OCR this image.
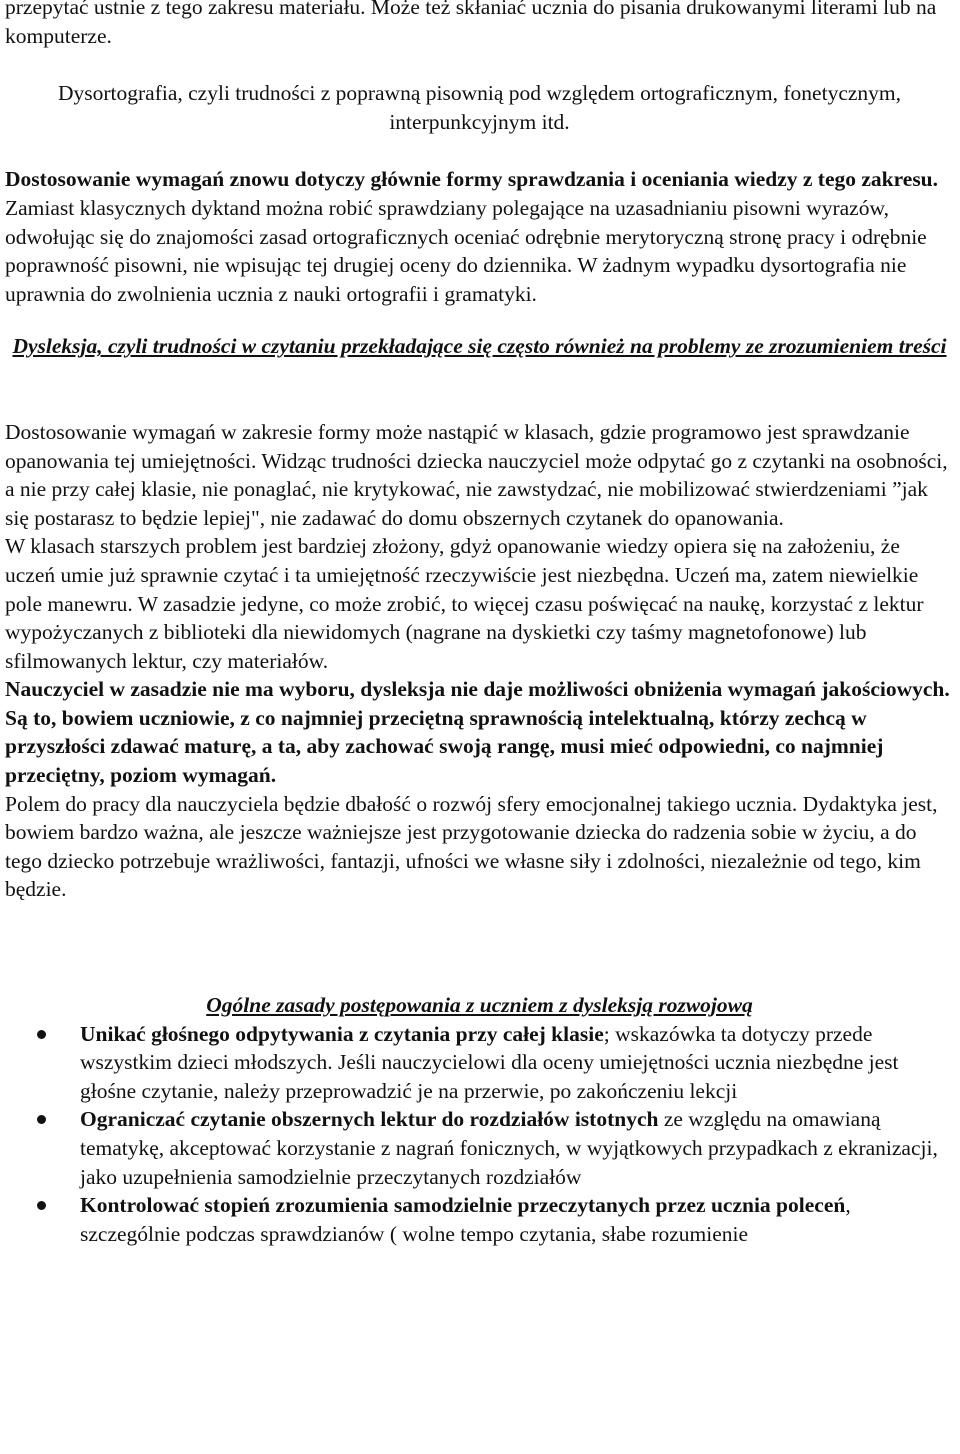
przepytać ustnie z tego zakresu materiału. Może też skłaniać ucznia do pisania drukowanymi literami lub na komputerze.

Dysortografia, czyli trudności z poprawną pisownią pod względem ortograficznym, fonetycznym, interpunkcyjnym itd.

Dostosowanie wymagań znowu dotyczy głównie formy sprawdzania i oceniania wiedzy z tego zakresu. Zamiast klasycznych dyktand można robić sprawdziany polegające na uzasadnianiu pisowni wyrazów, odwołując się do znajomości zasad ortograficznych oceniać odrębnie merytoryczną stronę pracy i odrębnie poprawność pisowni, nie wpisując tej drugiej oceny do dziennika. W żadnym wypadku dysortografia nie uprawnia do zwolnienia ucznia z nauki ortografii i gramatyki.

Dysleksja, czyli trudności w czytaniu przekładające się często również na problemy ze zrozumieniem treści

Dostosowanie wymagań w zakresie formy może nastąpić w klasach, gdzie programowo jest sprawdzanie opanowania tej umiejętności. Widząc trudności dziecka nauczyciel może odpytać go z czytanki na osobności, a nie przy całej klasie, nie ponaglać, nie krytykować, nie zawstydzać, nie mobilizować stwierdzeniami ”jak się postarasz to będzie lepiej", nie zadawać do domu obszernych czytanek do opanowania.

W klasach starszych problem jest bardziej złożony, gdyż opanowanie wiedzy opiera się na założeniu, że uczeń umie już sprawnie czytać i ta umiejętność rzeczywiście jest niezbędna. Uczeń ma, zatem niewielkie pole manewru. W zasadzie jedyne, co może zrobić, to więcej czasu poświęcać na naukę, korzystać z lektur wypożyczanych z biblioteki dla niewidomych (nagrane na dyskietki czy taśmy magnetofonowe) lub sfilmowanych lektur, czy materiałów.

Nauczyciel w zasadzie nie ma wyboru, dysleksja nie daje możliwości obniżenia wymagań jakościowych. Są to, bowiem uczniowie, z co najmniej przeciętną sprawnością intelektualną, którzy zechcą w przyszłości zdawać maturę, a ta, aby zachować swoją rangę, musi mieć odpowiedni, co najmniej przeciętny, poziom wymagań.

Polem do pracy dla nauczyciela będzie dbałość o rozwój sfery emocjonalnej takiego ucznia. Dydaktyka jest, bowiem bardzo ważna, ale jeszcze ważniejsze jest przygotowanie dziecka do radzenia sobie w życiu, a do tego dziecko potrzebuje wrażliwości, fantazji, ufności we własne siły i zdolności, niezależnie od tego, kim będzie.

Ogólne zasady postępowania z uczniem z dysleksją rozwojową

Unikać głośnego odpytywania z czytania przy całej klasie; wskazówka ta dotyczy przede wszystkim dzieci młodszych. Jeśli nauczycielowi dla oceny umiejętności ucznia niezbędne jest głośne czytanie, należy przeprowadzić je na przerwie, po zakończeniu lekcji
Ograniczać czytanie obszernych lektur do rozdziałów istotnych ze względu na omawianą tematykę, akceptować korzystanie z nagrań fonicznych, w wyjątkowych przypadkach z ekranizacji, jako uzupełnienia samodzielnie przeczytanych rozdziałów
Kontrolować stopień zrozumienia samodzielnie przeczytanych przez ucznia poleceń, szczególnie podczas sprawdzianów ( wolne tempo czytania, słabe rozumienie
